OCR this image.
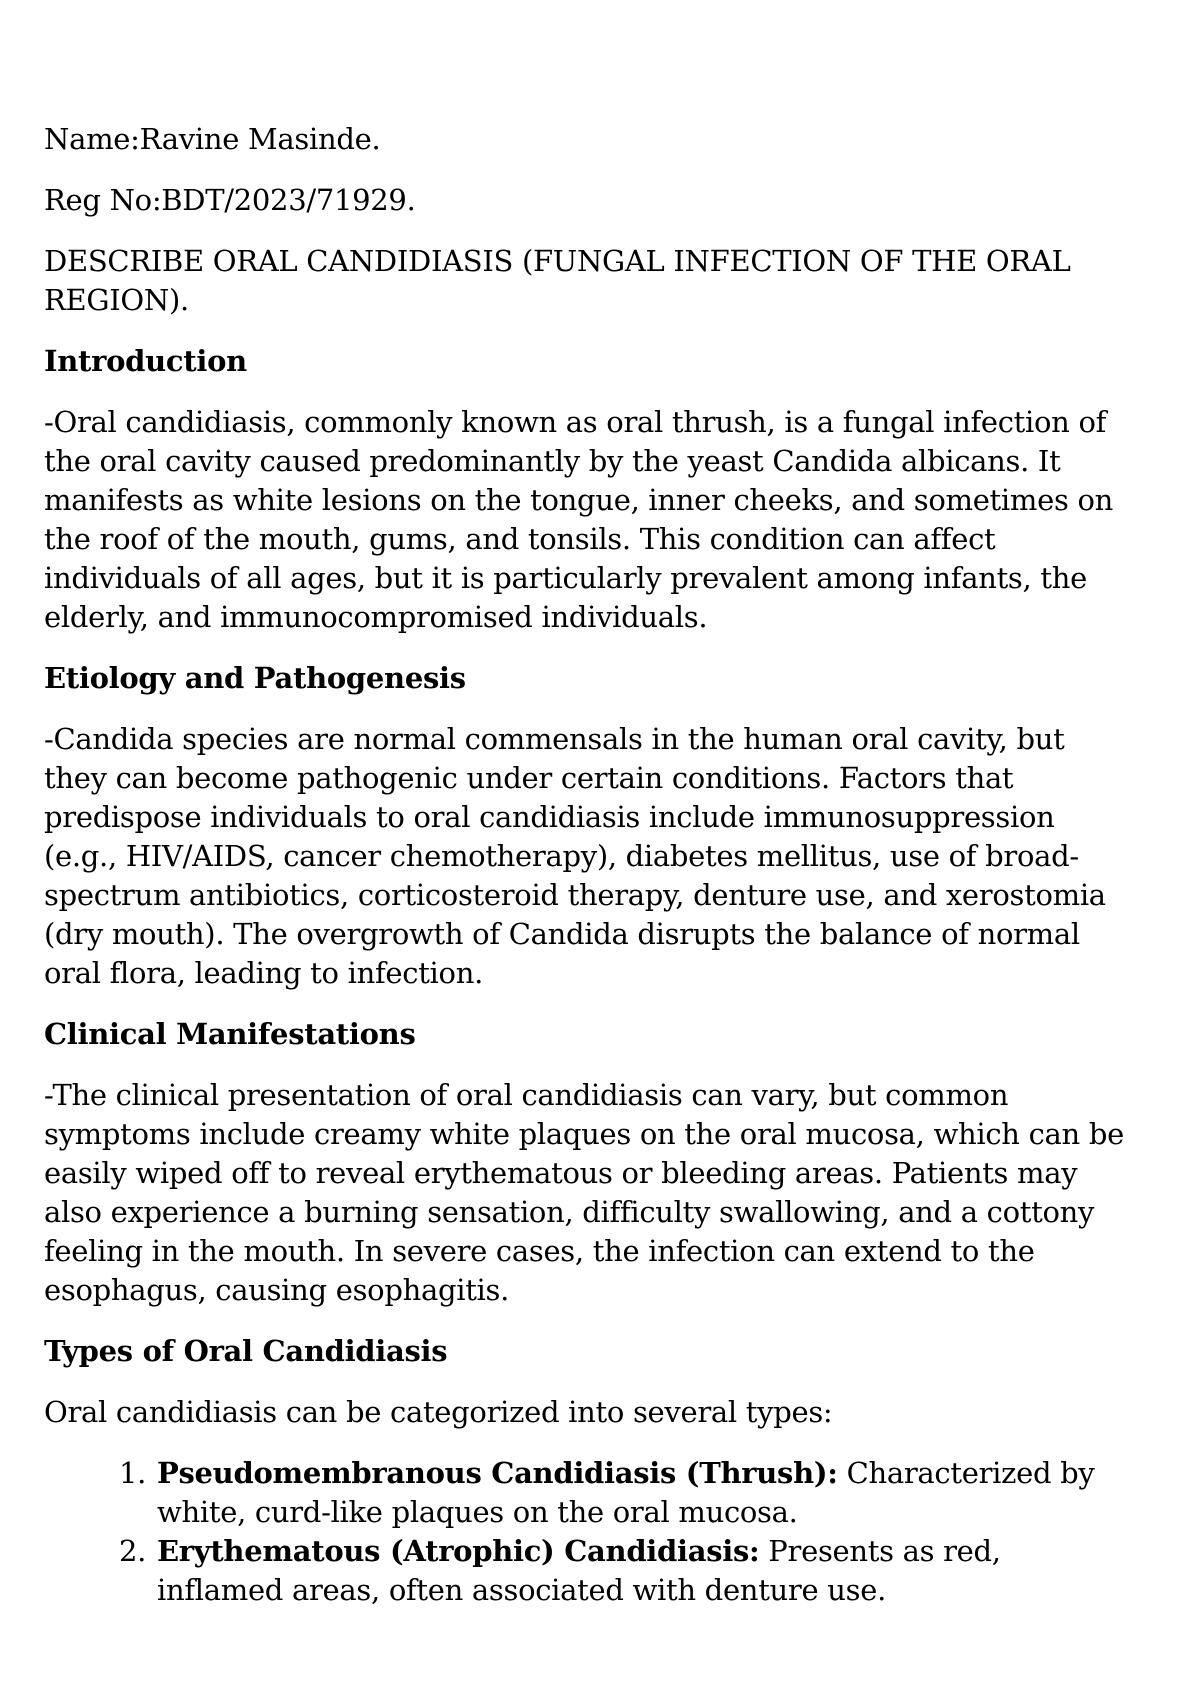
Name:Ravine Masinde.

Reg No:BDT/2023/71929.

DESCRIBE ORAL CANDIDIASIS (FUNGAL INFECTION OF THE ORAL REGION).

Introduction

-Oral candidiasis, commonly known as oral thrush, is a fungal infection of the oral cavity caused predominantly by the yeast Candida albicans. It manifests as white lesions on the tongue, inner cheeks, and sometimes on the roof of the mouth, gums, and tonsils. This condition can affect individuals of all ages, but it is particularly prevalent among infants, the elderly, and immunocompromised individuals.

Etiology and Pathogenesis

-Candida species are normal commensals in the human oral cavity, but they can become pathogenic under certain conditions. Factors that predispose individuals to oral candidiasis include immunosuppression (e.g., HIV/AIDS, cancer chemotherapy), diabetes mellitus, use of broad-spectrum antibiotics, corticosteroid therapy, denture use, and xerostomia (dry mouth). The overgrowth of Candida disrupts the balance of normal oral flora, leading to infection.

Clinical Manifestations

-The clinical presentation of oral candidiasis can vary, but common symptoms include creamy white plaques on the oral mucosa, which can be easily wiped off to reveal erythematous or bleeding areas. Patients may also experience a burning sensation, difficulty swallowing, and a cottony feeling in the mouth. In severe cases, the infection can extend to the esophagus, causing esophagitis.

Types of Oral Candidiasis

Oral candidiasis can be categorized into several types:

1. Pseudomembranous Candidiasis (Thrush): Characterized by white, curd-like plaques on the oral mucosa.
2. Erythematous (Atrophic) Candidiasis: Presents as red, inflamed areas, often associated with denture use.
